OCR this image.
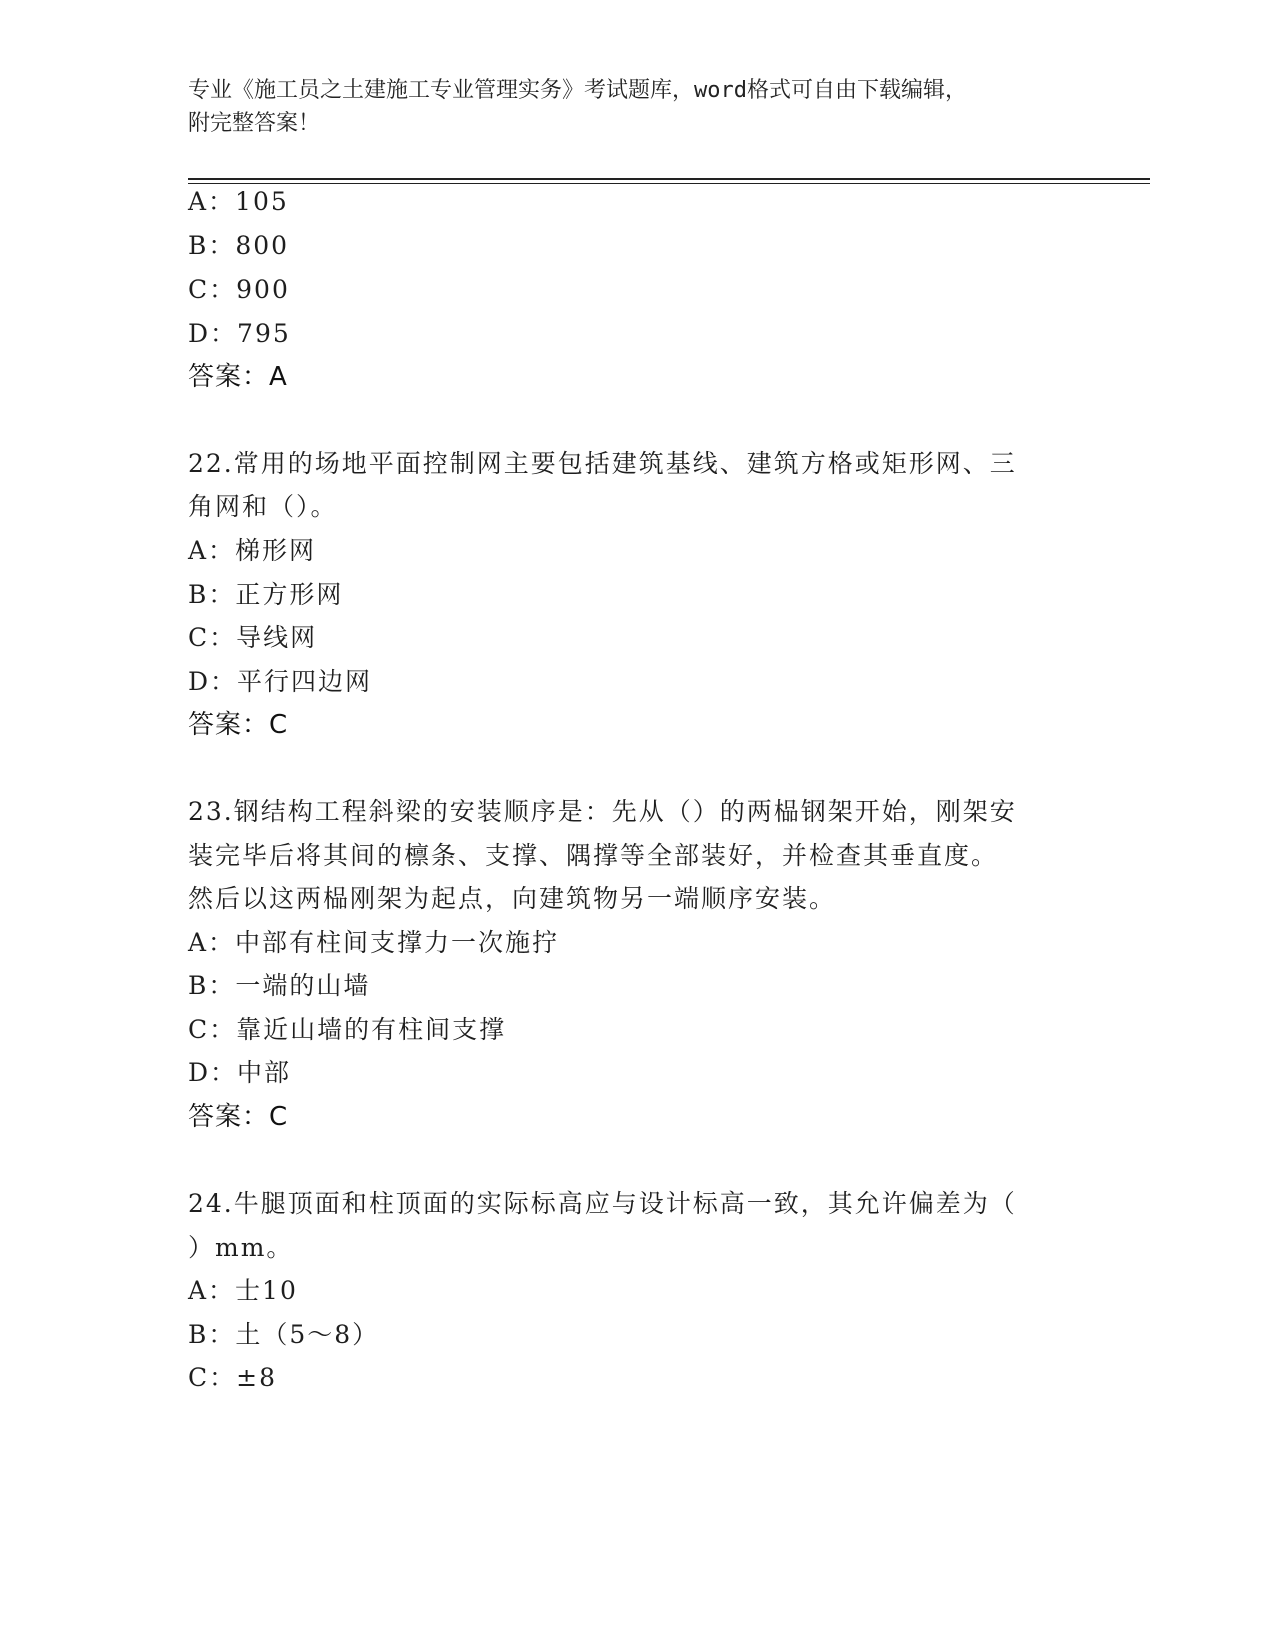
专业《施工员之土建施工专业管理实务》考试题库，word格式可自由下载编辑，
附完整答案！
A：105
B：800
C：900
D：795
答案：A
22.常用的场地平面控制网主要包括建筑基线、建筑方格或矩形网、三
角网和（）。
A：梯形网
B：正方形网
C：导线网
D：平行四边网
答案：C
23.钢结构工程斜梁的安装顺序是：先从（）的两榀钢架开始，刚架安
装完毕后将其间的檩条、支撑、隅撑等全部装好，并检查其垂直度。
然后以这两榀刚架为起点，向建筑物另一端顺序安装。
A：中部有柱间支撑力一次施拧
B：一端的山墙
C：靠近山墙的有柱间支撑
D：中部
答案：C
24.牛腿顶面和柱顶面的实际标高应与设计标高一致，其允许偏差为（
）mm。
A：士10
B：土（5～8）
C：±8
